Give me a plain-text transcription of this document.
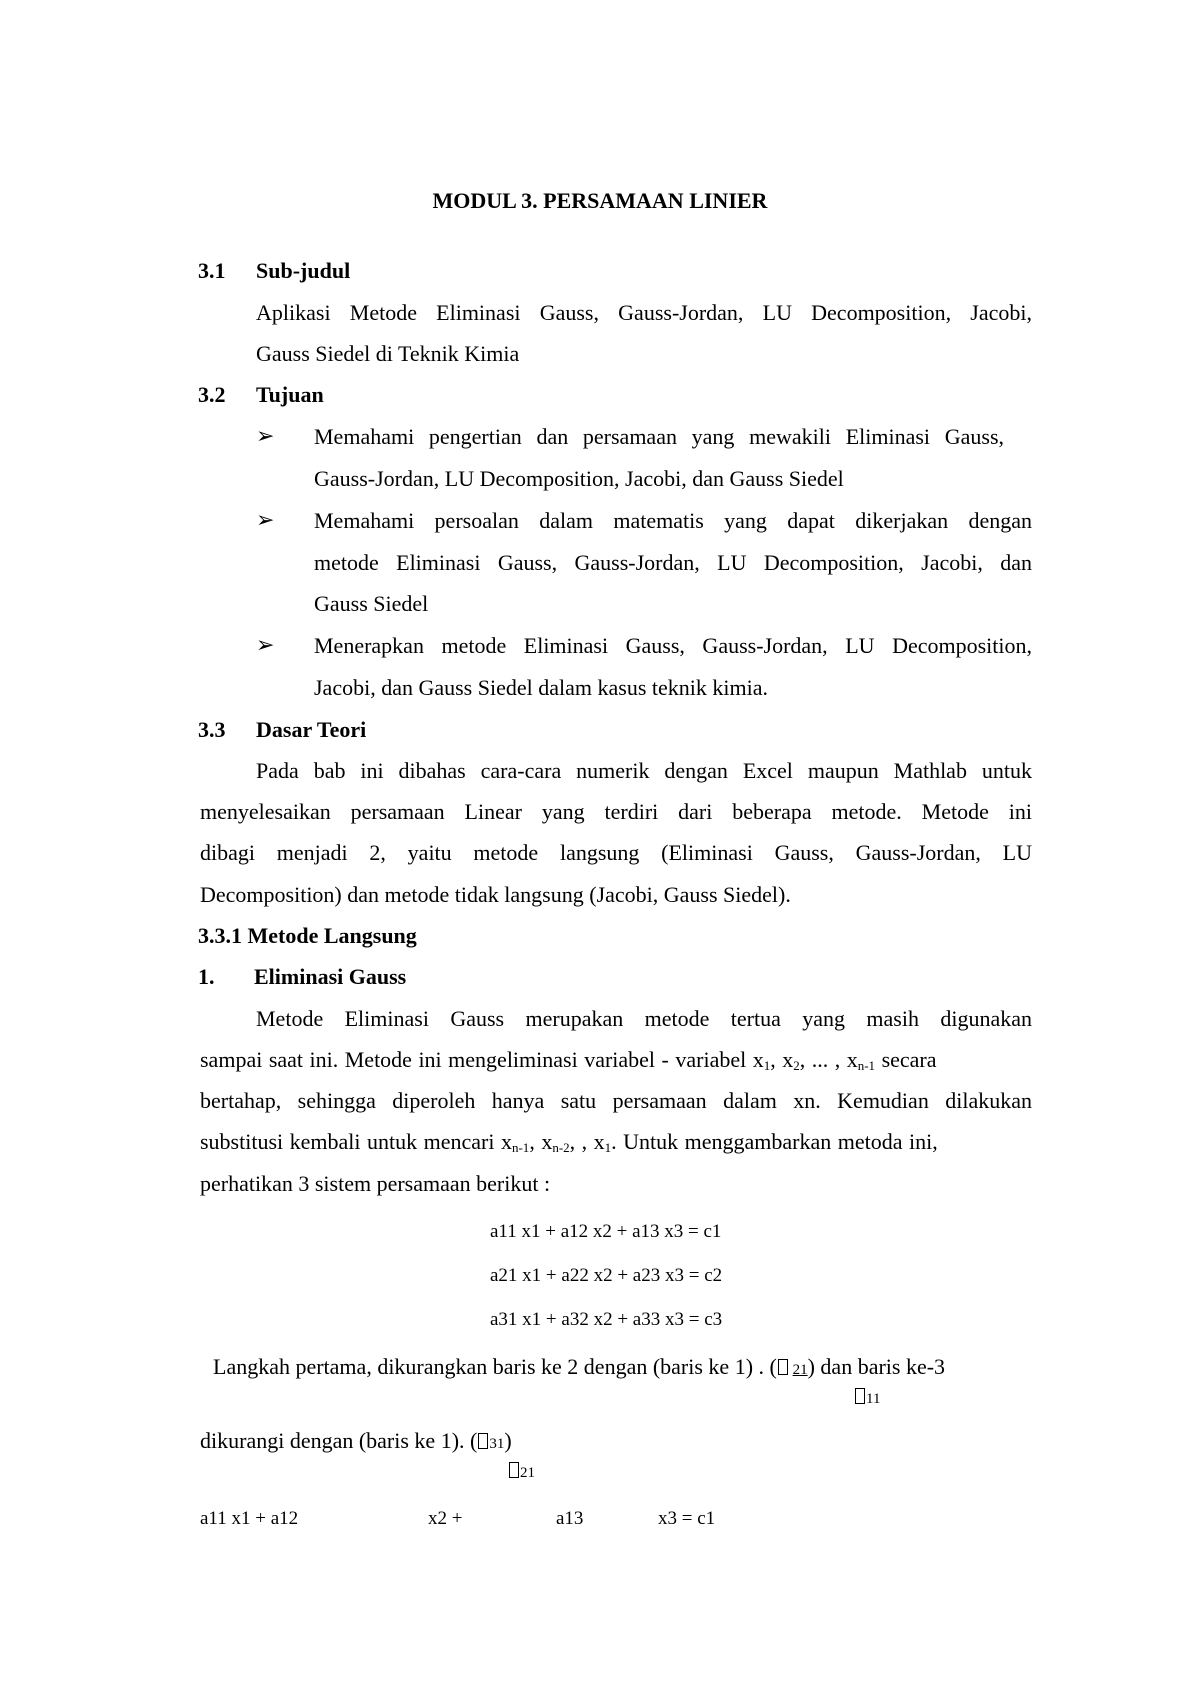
MODUL 3. PERSAMAAN LINIER
3.1 Sub-judul
Aplikasi Metode Eliminasi Gauss, Gauss-Jordan, LU Decomposition, Jacobi,
Gauss Siedel di Teknik Kimia
3.2 Tujuan
➢ Memahami pengertian dan persamaan yang mewakili Eliminasi Gauss,
Gauss-Jordan, LU Decomposition, Jacobi, dan Gauss Siedel
➢ Memahami persoalan dalam matematis yang dapat dikerjakan dengan
metode Eliminasi Gauss, Gauss-Jordan, LU Decomposition, Jacobi, dan
Gauss Siedel
➢ Menerapkan metode Eliminasi Gauss, Gauss-Jordan, LU Decomposition,
Jacobi, dan Gauss Siedel dalam kasus teknik kimia.
3.3 Dasar Teori
Pada bab ini dibahas cara-cara numerik dengan Excel maupun Mathlab untuk
menyelesaikan persamaan Linear yang terdiri dari beberapa metode. Metode ini
dibagi menjadi 2, yaitu metode langsung (Eliminasi Gauss, Gauss-Jordan, LU
Decomposition) dan metode tidak langsung (Jacobi, Gauss Siedel).
3.3.1 Metode Langsung
1. Eliminasi Gauss
Metode Eliminasi Gauss merupakan metode tertua yang masih digunakan
sampai saat ini. Metode ini mengeliminasi variabel - variabel $x_1$, $x_2$, ... , $x_{n-1}$ secara
bertahap, sehingga diperoleh hanya satu persamaan dalam xn. Kemudian dilakukan
substitusi kembali untuk mencari $x_{n-1}$, $x_{n-2}$, , $x_1$. Untuk menggambarkan metoda ini,
perhatikan 3 sistem persamaan berikut :
a11 x1 + a12 x2 + a13 x3 = c1
a21 x1 + a22 x2 + a23 x3 = c2
a31 x1 + a32 x2 + a33 x3 = c3
Langkah pertama, dikurangkan baris ke 2 dengan (baris ke 1) . ( 21) dan baris ke-3
11
dikurangi dengan (baris ke 1). ( 31)
21
a11 x1 + a12	x2 +	a13	x3 = c1
